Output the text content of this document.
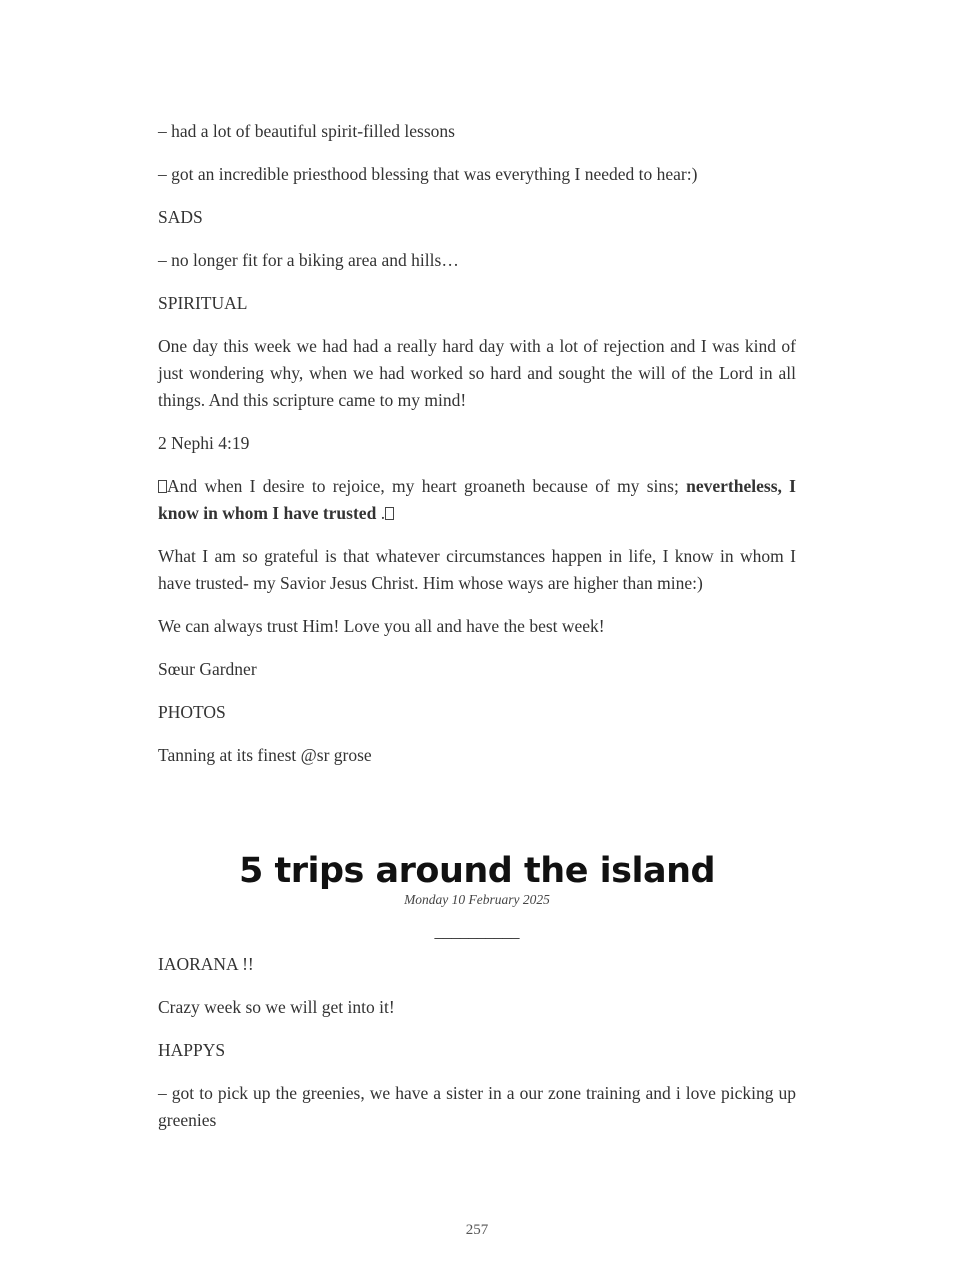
– had a lot of beautiful spirit-filled lessons

– got an incredible priesthood blessing that was everything I needed to hear:)

SADS

– no longer fit for a biking area and hills…

SPIRITUAL

One day this week we had had a really hard day with a lot of rejection and I was kind of just wondering why, when we had worked so hard and sought the will of the Lord in all things. And this scripture came to my mind!

2 Nephi 4:19

And when I desire to rejoice, my heart groaneth because of my sins; nevertheless, I know in whom I have trusted .

What I am so grateful is that whatever circumstances happen in life, I know in whom I have trusted- my Savior Jesus Christ. Him whose ways are higher than mine:)

We can always trust Him! Love you all and have the best week!

Sœur Gardner

PHOTOS

Tanning at its finest @sr grose

5 trips around the island
Monday 10 February 2025
__________

IAORANA !!

Crazy week so we will get into it!

HAPPYS

– got to pick up the greenies, we have a sister in a our zone training and i love picking up greenies

257
